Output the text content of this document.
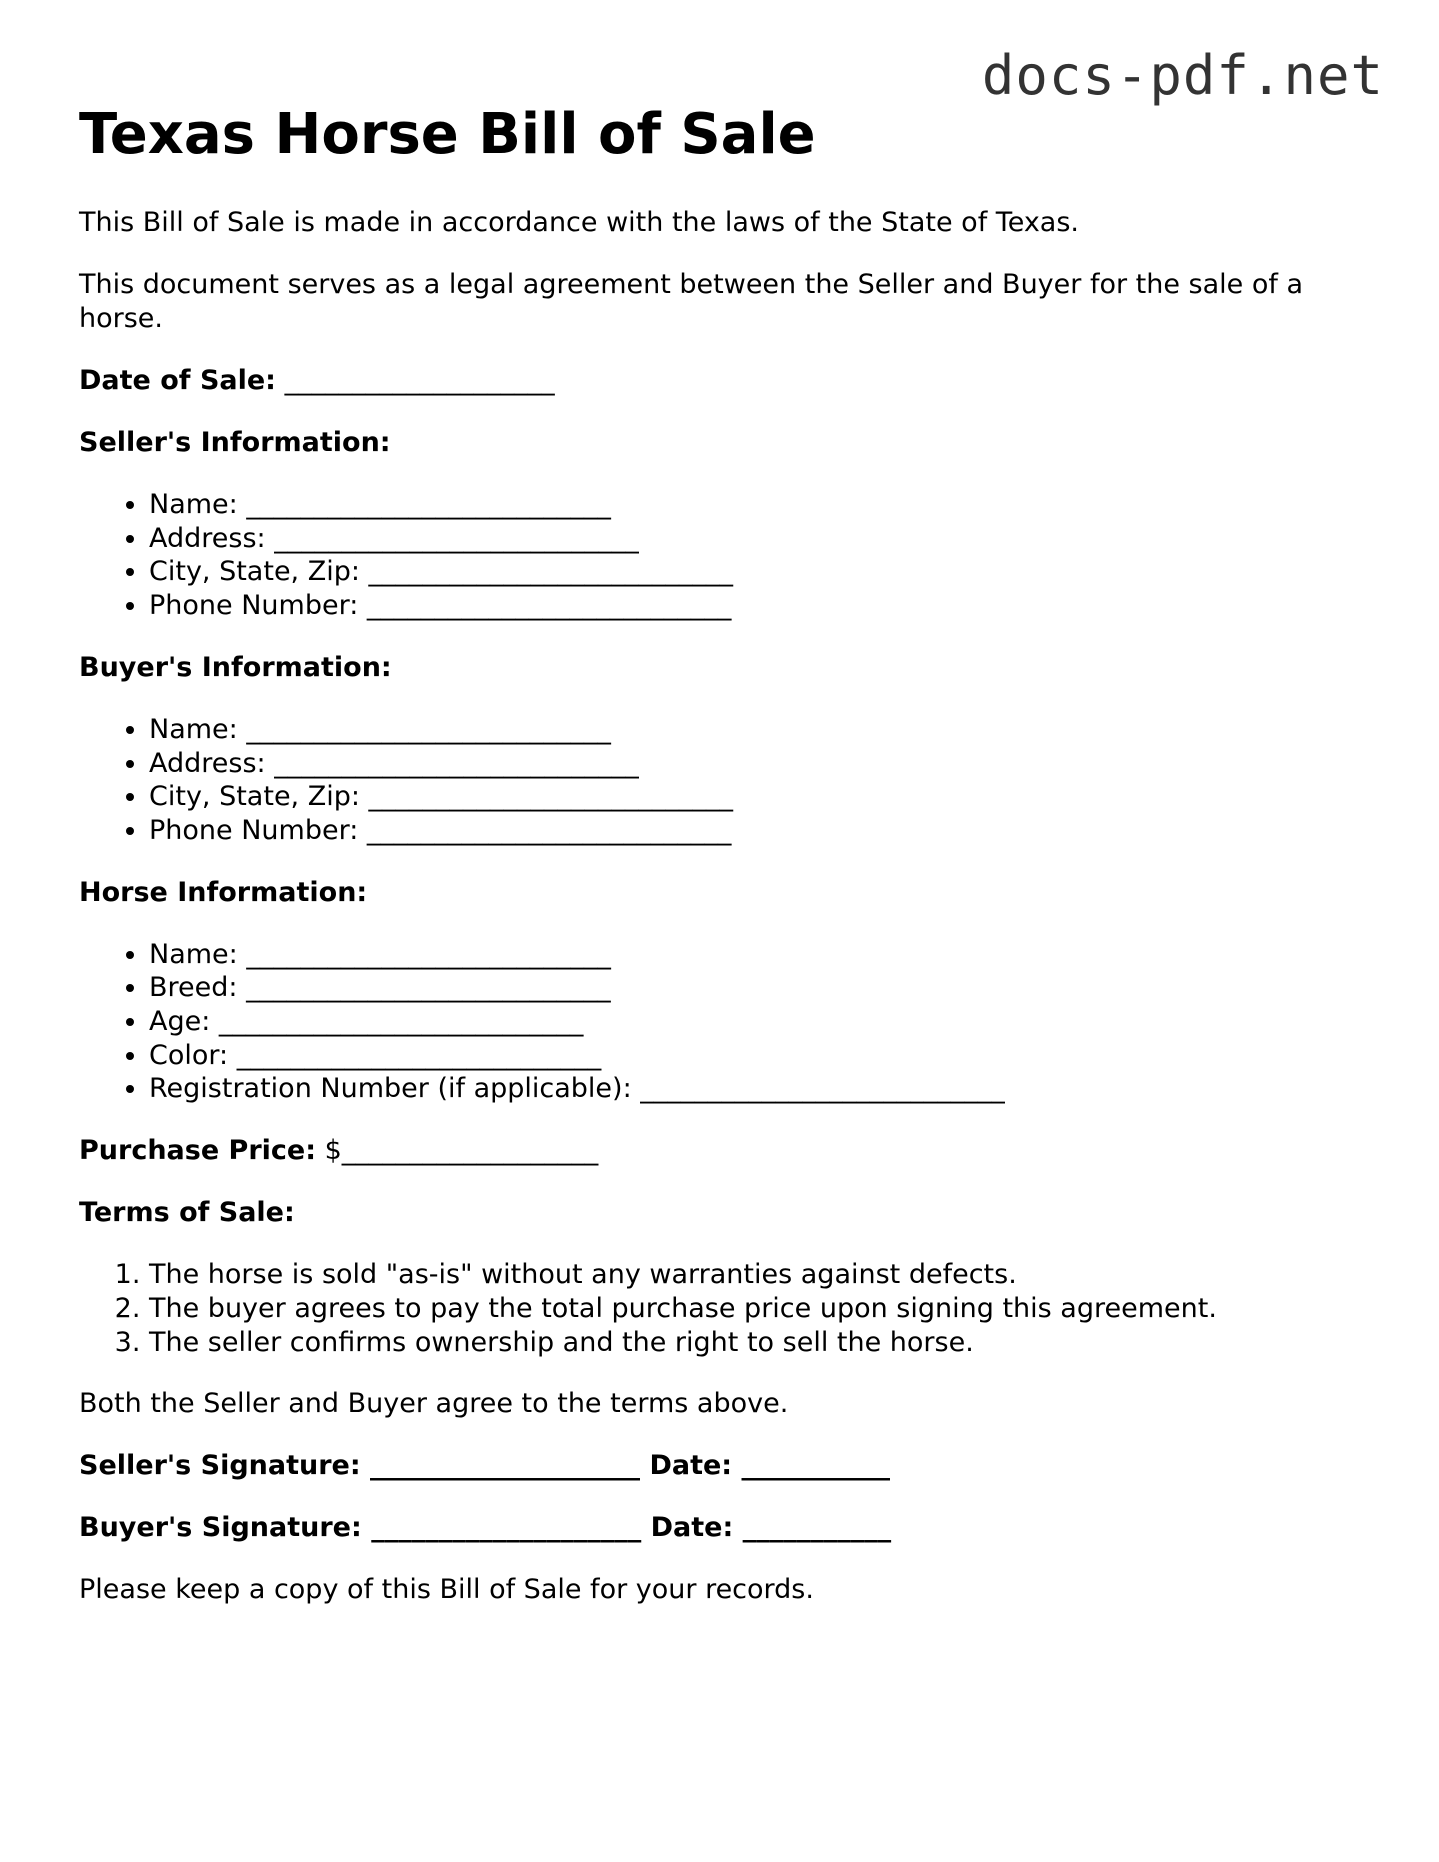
docs-pdf.net
Texas Horse Bill of Sale

This Bill of Sale is made in accordance with the laws of the State of Texas.

This document serves as a legal agreement between the Seller and Buyer for the sale of a horse.

Date of Sale: ____________________

Seller's Information:

• Name: ___________________________
• Address: ___________________________
• City, State, Zip: ___________________________
• Phone Number: ___________________________

Buyer's Information:

• Name: ___________________________
• Address: ___________________________
• City, State, Zip: ___________________________
• Phone Number: ___________________________

Horse Information:

• Name: ___________________________
• Breed: ___________________________
• Age: ___________________________
• Color: ___________________________
• Registration Number (if applicable): ___________________________

Purchase Price: $___________________

Terms of Sale:

1. The horse is sold "as-is" without any warranties against defects.
2. The buyer agrees to pay the total purchase price upon signing this agreement.
3. The seller confirms ownership and the right to sell the horse.

Both the Seller and Buyer agree to the terms above.

Seller's Signature: ____________________ Date: ___________

Buyer's Signature: ____________________ Date: ___________

Please keep a copy of this Bill of Sale for your records.
